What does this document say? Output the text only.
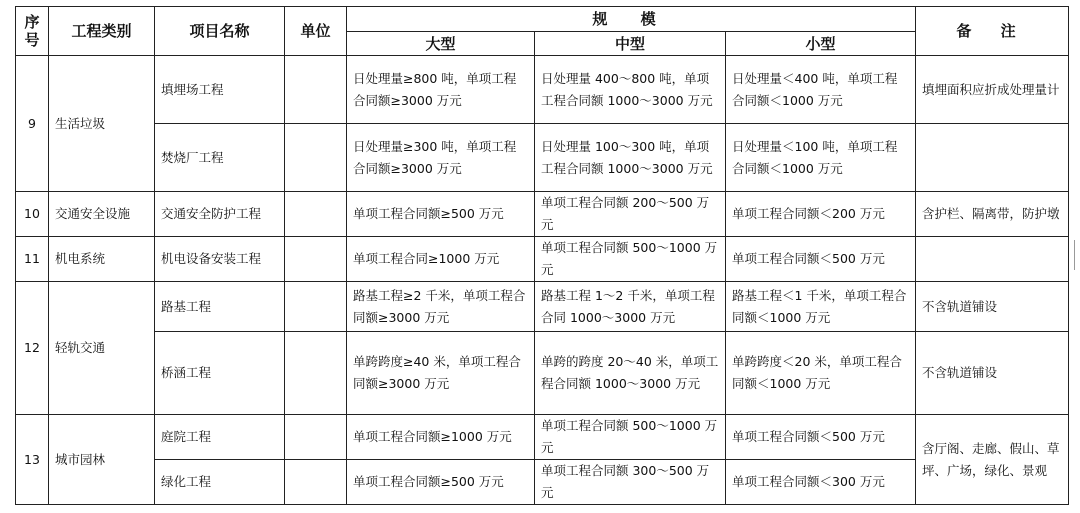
序号	工程类别	项目名称	单位	规 模			备 注
				大型	中型	小型	
9	生活垃圾	填埋场工程		日处理量≥800 吨，单项工程合同额≥3000 万元	日处理量 400～800 吨，单项工程合同额 1000～3000 万元	日处理量＜400 吨，单项工程合同额＜1000 万元	填埋面积应折成处理量计
		焚烧厂工程		日处理量≥300 吨，单项工程合同额≥3000 万元	日处理量 100～300 吨，单项工程合同额 1000～3000 万元	日处理量＜100 吨，单项工程合同额＜1000 万元	
10	交通安全设施	交通安全防护工程		单项工程合同额≥500 万元	单项工程合同额 200～500 万元	单项工程合同额＜200 万元	含护栏、隔离带，防护墩
11	机电系统	机电设备安装工程		单项工程合同≥1000 万元	单项工程合同额 500～1000 万元	单项工程合同额＜500 万元	
12	轻轨交通	路基工程		路基工程≥2 千米，单项工程合同额≥3000 万元	路基工程 1～2 千米，单项工程合同 1000～3000 万元	路基工程＜1 千米，单项工程合同额＜1000 万元	不含轨道铺设
		桥涵工程		单跨跨度≥40 米，单项工程合同额≥3000 万元	单跨的跨度 20～40 米，单项工程合同额 1000～3000 万元	单跨跨度＜20 米，单项工程合同额＜1000 万元	不含轨道铺设
13	城市园林	庭院工程		单项工程合同额≥1000 万元	单项工程合同额 500～1000 万元	单项工程合同额＜500 万元	含厅阁、走廊、假山、草坪、广场，绿化、景观
		绿化工程		单项工程合同额≥500 万元	单项工程合同额 300～500 万元	单项工程合同额＜300 万元	
